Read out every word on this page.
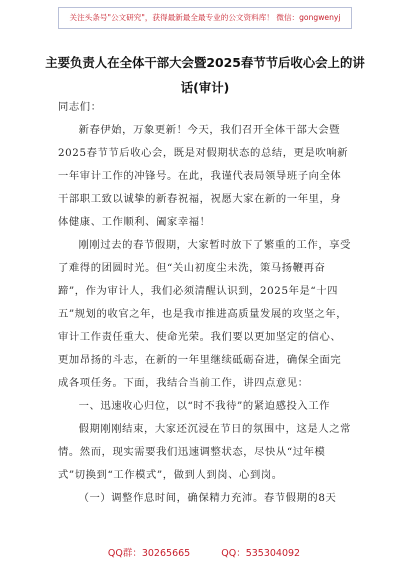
关注头条号"公文研究"，获得最新最全最专业的公文资料库！ 微信：gongwenyj
主要负责人在全体干部大会暨2025春节节后收心会上的讲话(审计)

同志们：

新春伊始，万象更新！今天，我们召开全体干部大会暨2025春节节后收心会，既是对假期状态的总结，更是吹响新一年审计工作的冲锋号。在此，我谨代表局领导班子向全体干部职工致以诚挚的新春祝福，祝愿大家在新的一年里，身体健康、工作顺利、阖家幸福！

刚刚过去的春节假期，大家暂时放下了繁重的工作，享受了难得的团圆时光。但“关山初度尘未洗，策马扬鞭再奋蹄”，作为审计人，我们必须清醒认识到，2025年是“十四五”规划的收官之年，也是我市推进高质量发展的攻坚之年，审计工作责任重大、使命光荣。我们要以更加坚定的信心、更加昂扬的斗志，在新的一年里继续砥砺奋进，确保全面完成各项任务。下面，我结合当前工作，讲四点意见：

一、迅速收心归位，以“时不我待”的紧迫感投入工作

假期刚刚结束，大家还沉浸在节日的氛围中，这是人之常情。然而，现实需要我们迅速调整状态，尽快从“过年模式”切换到“工作模式”，做到人到岗、心到岗。

（一）调整作息时间，确保精力充沛。春节假期的8天

QQ群：30265665	QQ：535304092
